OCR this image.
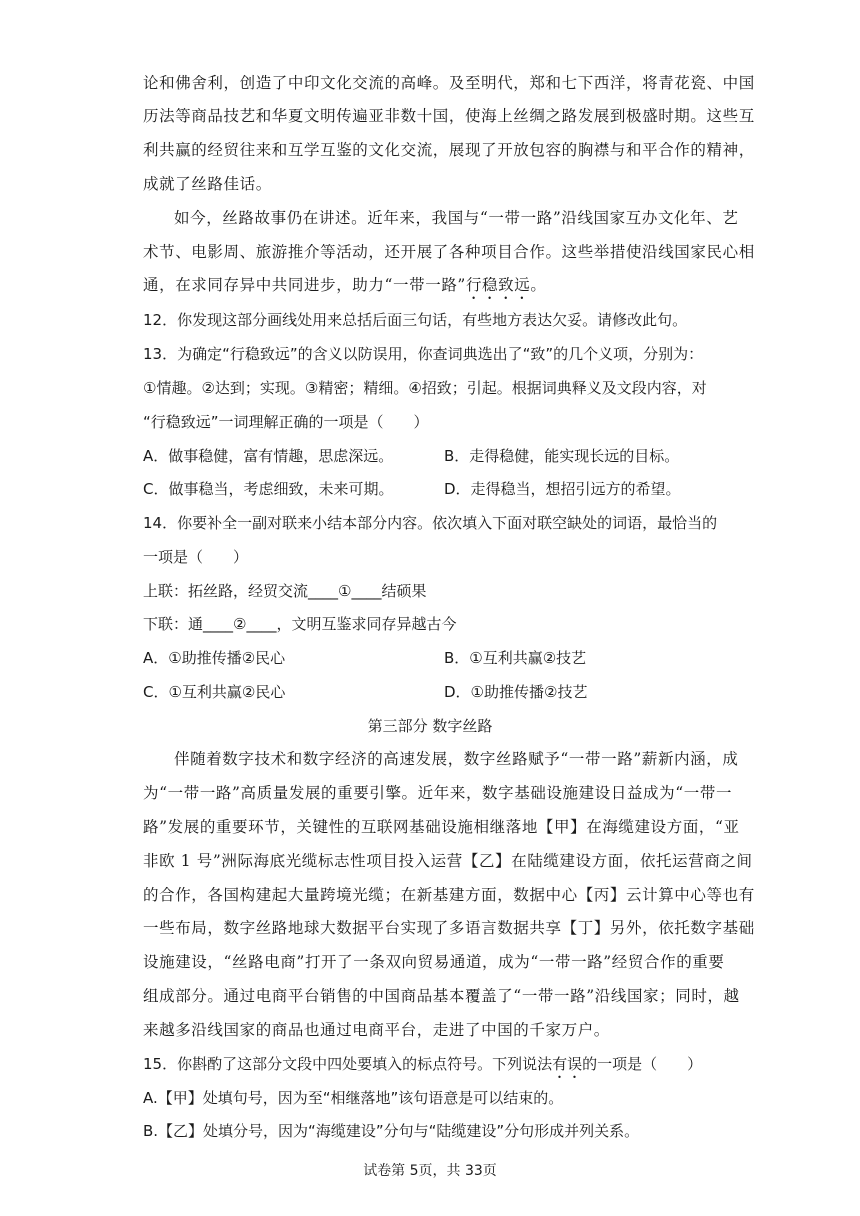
论和佛舍利，创造了中印文化交流的高峰。及至明代，郑和七下西洋，将青花瓷、中国
历法等商品技艺和华夏文明传遍亚非数十国，使海上丝绸之路发展到极盛时期。这些互
利共赢的经贸往来和互学互鉴的文化交流，展现了开放包容的胸襟与和平合作的精神，
成就了丝路佳话。
如今，丝路故事仍在讲述。近年来，我国与“一带一路”沿线国家互办文化年、艺
术节、电影周、旅游推介等活动，还开展了各种项目合作。这些举措使沿线国家民心相
通，在求同存异中共同进步，助力“一带一路”行稳致远。
12．你发现这部分画线处用来总括后面三句话，有些地方表达欠妥。请修改此句。
13．为确定“行稳致远”的含义以防误用，你查词典选出了“致”的几个义项，分别为：
①情趣。②达到；实现。③精密；精细。④招致；引起。根据词典释义及文段内容，对
“行稳致远”一词理解正确的一项是（　　）
A．做事稳健，富有情趣，思虑深远。	B．走得稳健，能实现长远的目标。
C．做事稳当，考虑细致，未来可期。	D．走得稳当，想招引远方的希望。
14．你要补全一副对联来小结本部分内容。依次填入下面对联空缺处的词语，最恰当的
一项是（　　）
上联：拓丝路，经贸交流____①____结硕果
下联：通____②____，文明互鉴求同存异越古今
A．①助推传播②民心	B．①互利共赢②技艺
C．①互利共赢②民心	D．①助推传播②技艺
第三部分 数字丝路
伴随着数字技术和数字经济的高速发展，数字丝路赋予“一带一路”薪新内涵，成
为“一带一路”高质量发展的重要引擎。近年来，数字基础设施建设日益成为“一带一
路”发展的重要环节，关键性的互联网基础设施相继落地【甲】在海缆建设方面，“亚
非欧 1 号”洲际海底光缆标志性项目投入运营【乙】在陆缆建设方面，依托运营商之间
的合作，各国构建起大量跨境光缆；在新基建方面，数据中心【丙】云计算中心等也有
一些布局，数字丝路地球大数据平台实现了多语言数据共享【丁】另外，依托数字基础
设施建设，“丝路电商”打开了一条双向贸易通道，成为“一带一路”经贸合作的重要
组成部分。通过电商平台销售的中国商品基本覆盖了“一带一路”沿线国家；同时，越
来越多沿线国家的商品也通过电商平台，走进了中国的千家万户。
15．你斟酌了这部分文段中四处要填入的标点符号。下列说法有误的一项是（　　）
A.【甲】处填句号，因为至“相继落地”该句语意是可以结束的。
B.【乙】处填分号，因为“海缆建设”分句与“陆缆建设”分句形成并列关系。
试卷第 5页，共 33页
